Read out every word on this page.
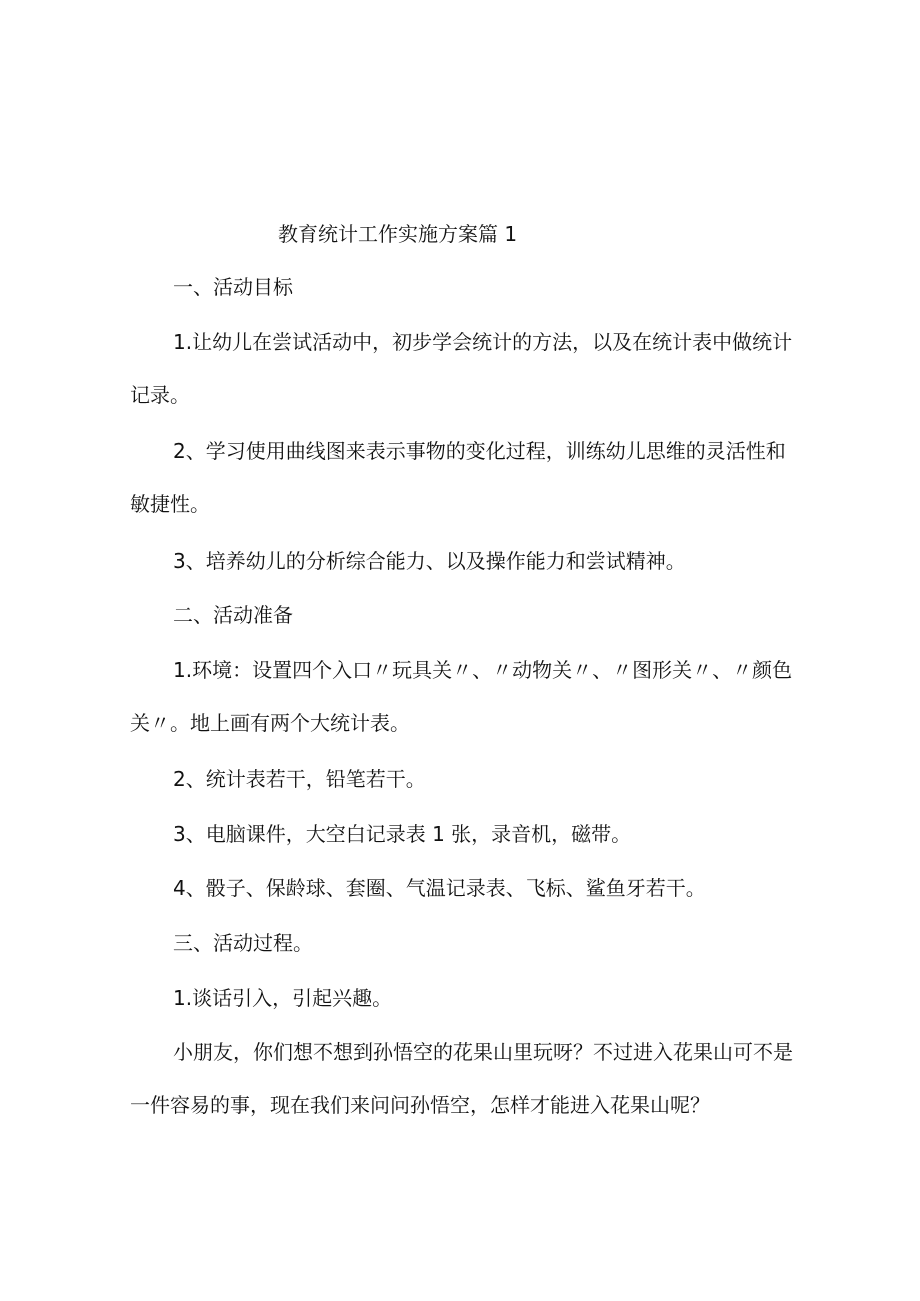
教育统计工作实施方案篇 1

一、活动目标

1.让幼儿在尝试活动中，初步学会统计的方法，以及在统计表中做统计记录。

2、学习使用曲线图来表示事物的变化过程，训练幼儿思维的灵活性和敏捷性。

3、培养幼儿的分析综合能力、以及操作能力和尝试精神。

二、活动准备

1.环境：设置四个入口〃玩具关〃、〃动物关〃、〃图形关〃、〃颜色关〃。地上画有两个大统计表。

2、统计表若干，铅笔若干。

3、电脑课件，大空白记录表 1 张，录音机，磁带。

4、骰子、保龄球、套圈、气温记录表、飞标、鲨鱼牙若干。

三、活动过程。

1.谈话引入，引起兴趣。

小朋友，你们想不想到孙悟空的花果山里玩呀？不过进入花果山可不是一件容易的事，现在我们来问问孙悟空，怎样才能进入花果山呢？
